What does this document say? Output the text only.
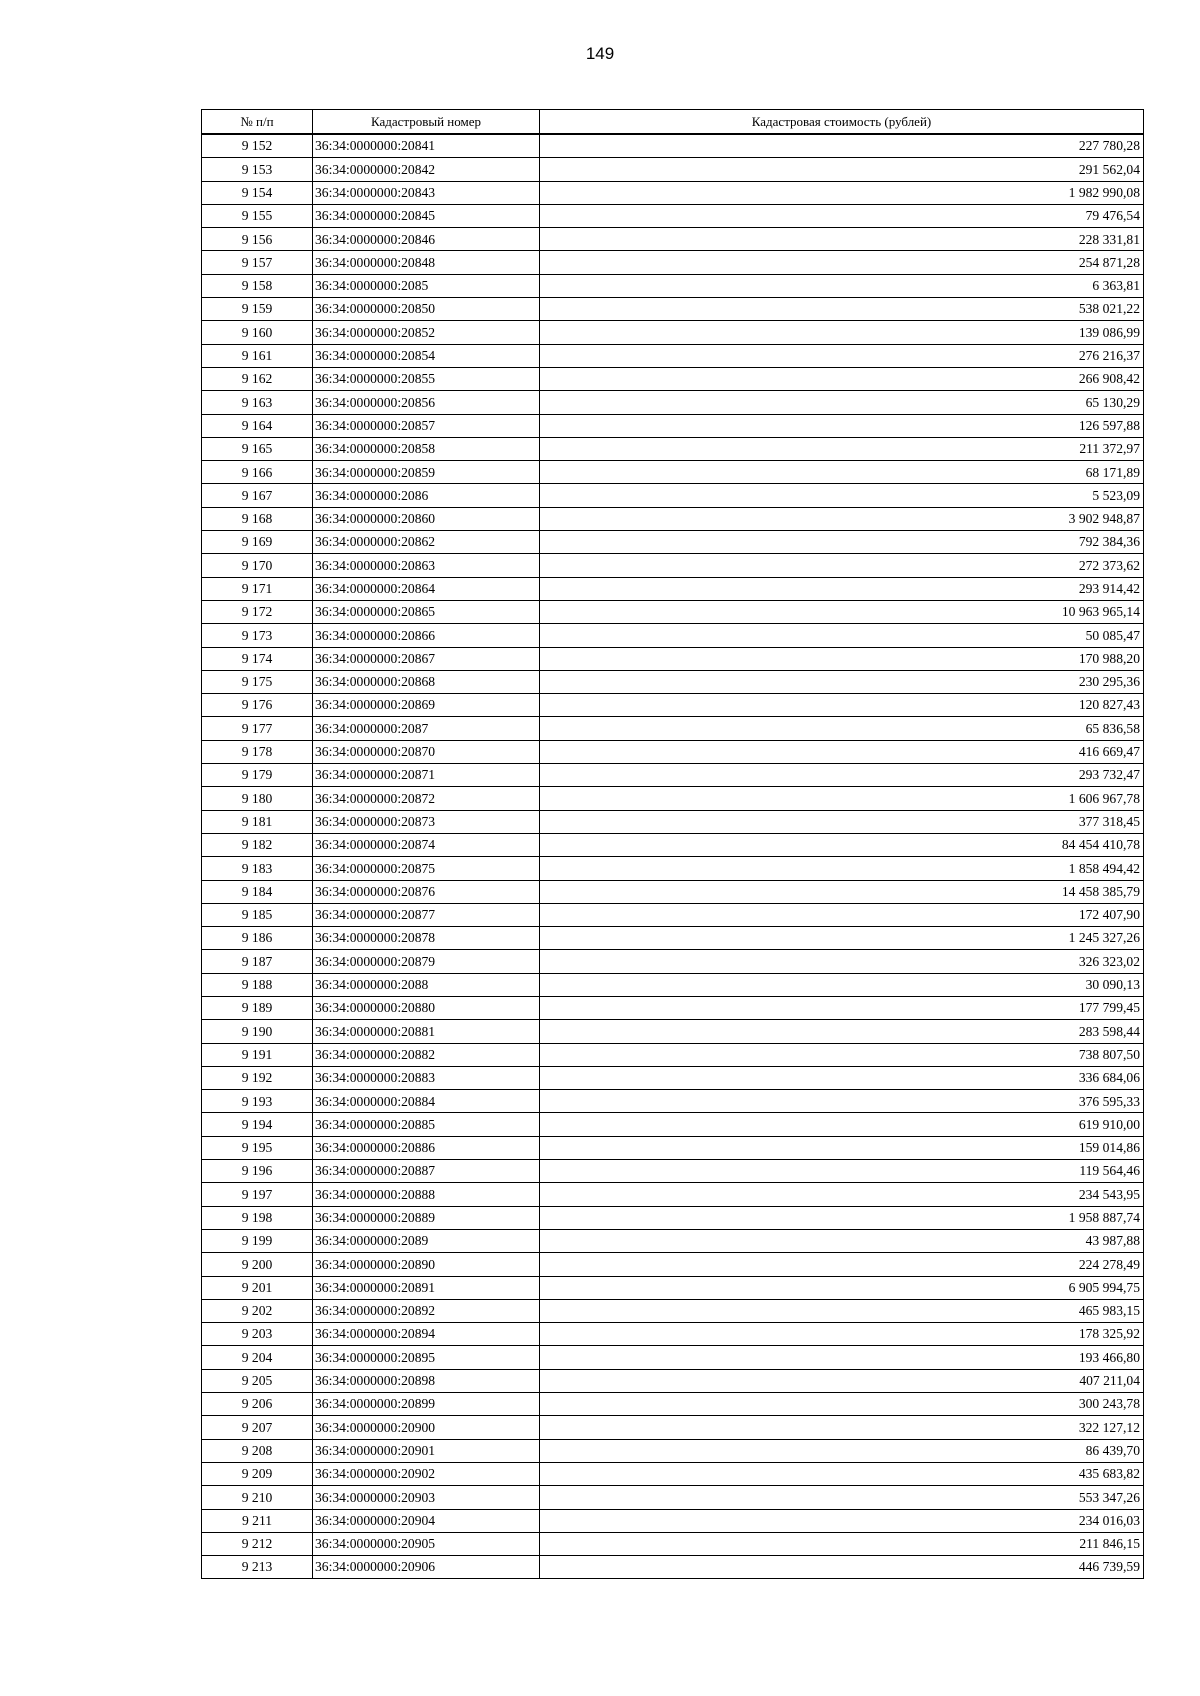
149
№ п/п	Кадастровый номер	Кадастровая стоимость (рублей)
9 152	36:34:0000000:20841	227 780,28
9 153	36:34:0000000:20842	291 562,04
9 154	36:34:0000000:20843	1 982 990,08
9 155	36:34:0000000:20845	79 476,54
9 156	36:34:0000000:20846	228 331,81
9 157	36:34:0000000:20848	254 871,28
9 158	36:34:0000000:2085	6 363,81
9 159	36:34:0000000:20850	538 021,22
9 160	36:34:0000000:20852	139 086,99
9 161	36:34:0000000:20854	276 216,37
9 162	36:34:0000000:20855	266 908,42
9 163	36:34:0000000:20856	65 130,29
9 164	36:34:0000000:20857	126 597,88
9 165	36:34:0000000:20858	211 372,97
9 166	36:34:0000000:20859	68 171,89
9 167	36:34:0000000:2086	5 523,09
9 168	36:34:0000000:20860	3 902 948,87
9 169	36:34:0000000:20862	792 384,36
9 170	36:34:0000000:20863	272 373,62
9 171	36:34:0000000:20864	293 914,42
9 172	36:34:0000000:20865	10 963 965,14
9 173	36:34:0000000:20866	50 085,47
9 174	36:34:0000000:20867	170 988,20
9 175	36:34:0000000:20868	230 295,36
9 176	36:34:0000000:20869	120 827,43
9 177	36:34:0000000:2087	65 836,58
9 178	36:34:0000000:20870	416 669,47
9 179	36:34:0000000:20871	293 732,47
9 180	36:34:0000000:20872	1 606 967,78
9 181	36:34:0000000:20873	377 318,45
9 182	36:34:0000000:20874	84 454 410,78
9 183	36:34:0000000:20875	1 858 494,42
9 184	36:34:0000000:20876	14 458 385,79
9 185	36:34:0000000:20877	172 407,90
9 186	36:34:0000000:20878	1 245 327,26
9 187	36:34:0000000:20879	326 323,02
9 188	36:34:0000000:2088	30 090,13
9 189	36:34:0000000:20880	177 799,45
9 190	36:34:0000000:20881	283 598,44
9 191	36:34:0000000:20882	738 807,50
9 192	36:34:0000000:20883	336 684,06
9 193	36:34:0000000:20884	376 595,33
9 194	36:34:0000000:20885	619 910,00
9 195	36:34:0000000:20886	159 014,86
9 196	36:34:0000000:20887	119 564,46
9 197	36:34:0000000:20888	234 543,95
9 198	36:34:0000000:20889	1 958 887,74
9 199	36:34:0000000:2089	43 987,88
9 200	36:34:0000000:20890	224 278,49
9 201	36:34:0000000:20891	6 905 994,75
9 202	36:34:0000000:20892	465 983,15
9 203	36:34:0000000:20894	178 325,92
9 204	36:34:0000000:20895	193 466,80
9 205	36:34:0000000:20898	407 211,04
9 206	36:34:0000000:20899	300 243,78
9 207	36:34:0000000:20900	322 127,12
9 208	36:34:0000000:20901	86 439,70
9 209	36:34:0000000:20902	435 683,82
9 210	36:34:0000000:20903	553 347,26
9 211	36:34:0000000:20904	234 016,03
9 212	36:34:0000000:20905	211 846,15
9 213	36:34:0000000:20906	446 739,59
